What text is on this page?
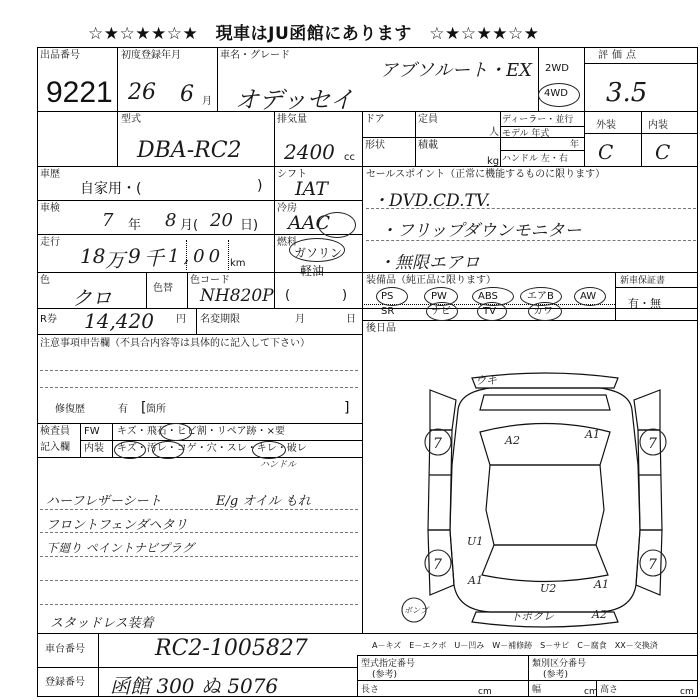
☆★☆★★☆★　現車はJU函館にあります　☆★☆★★☆★
出品番号
9221
初度登録年月
26 6 月
車名・グレード
アブソルート・EX
オデッセイ
2WD
4WD
評価点
3.5
型式
DBA-RC2
排気量
2400 cc
ドア
形状
定員
人
積載
kg
ディーラー・並行
モデル 年式
年
ハンドル 左・右
外装	内装
C C
車歴
自家用・(	)
シフト
IAT
車検
7 年 8 月( 20 日)
冷房
AAC
走行
18 万 9 千 1,00 km
燃料
ガソリン
軽油
色
クロ	色替
色コード
NH820P (	)
R券 14,420 円 名変期限	月	日
注意事項申告欄（不具合内容等は具体的に記入して下さい）
修復歴	有 箇所
[	]
検査員
記入欄
FW キズ・飛石・ヒビ割・リペア跡・×要
内装 キズ・汚レ・コゲ・穴・スレ・キレ・破レ
ハンドル
ハーフレザーシート	E/g オイル もれ
フロントフェンダヘタリ
下廻り ペイントナビプラグ
スタッドレス装着
セールスポイント（正常に機能するものに限ります）
・DVD.CD.TV.
・フリップダウンモニター
・無限エアロ
装備品（純正品に限ります）	新車保証書
有・無
PS	PW	ABS	エアB	AW
SR	ナビ	TV	カワ
後日品
ウキ
A2	A1
U1
A1	A1
U2
A2
下ボクレ
7	7
7	7
ボンプ
車台番号	RC2-1005827
登録番号 函館 300 ぬ 5076
A－キズ　E－エクボ　U－凹み　W－補修跡　S－サビ　C－腐食　XX－交換済
型式指定番号
(参考)
類別区分番号
(参考)
長さ	cm	幅	cm 高さ	cm
